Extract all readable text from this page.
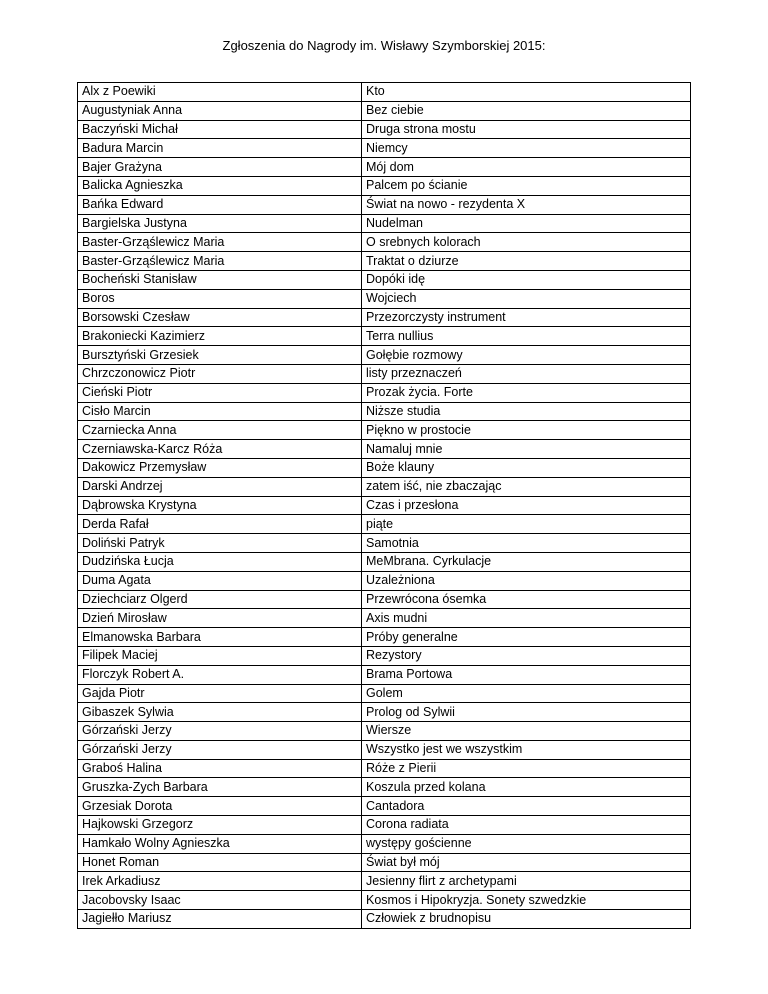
Zgłoszenia do Nagrody im. Wisławy Szymborskiej 2015:
Alx z Poewiki	Kto
Augustyniak Anna	Bez ciebie
Baczyński Michał	Druga strona mostu
Badura Marcin	Niemcy
Bajer Grażyna	Mój dom
Balicka Agnieszka	Palcem po ścianie
Bańka Edward	Świat na nowo - rezydenta X
Bargielska Justyna	Nudelman
Baster-Grząślewicz Maria	O srebnych kolorach
Baster-Grząślewicz Maria	Traktat o dziurze
Bocheński Stanisław	Dopóki idę
Boros	Wojciech
Borsowski Czesław	Przezorczysty instrument
Brakoniecki Kazimierz	Terra nullius
Bursztyński Grzesiek	Gołębie rozmowy
Chrzczonowicz Piotr	listy przeznaczeń
Cieński Piotr	Prozak życia. Forte
Cisło Marcin	Niższe studia
Czarniecka Anna	Piękno w prostocie
Czerniawska-Karcz Róża	Namaluj mnie
Dakowicz Przemysław	Boże klauny
Darski Andrzej	zatem iść, nie zbaczając
Dąbrowska Krystyna	Czas i przesłona
Derda Rafał	piąte
Doliński Patryk	Samotnia
Dudzińska Łucja	MeMbrana. Cyrkulacje
Duma Agata	Uzależniona
Dziechciarz Olgerd	Przewrócona ósemka
Dzień Mirosław	Axis mudni
Elmanowska Barbara	Próby generalne
Filipek Maciej	Rezystory
Florczyk Robert A.	Brama Portowa
Gajda Piotr	Golem
Gibaszek Sylwia	Prolog od Sylwii
Górzański Jerzy	Wiersze
Górzański Jerzy	Wszystko jest we wszystkim
Graboś Halina	Róże z Pierii
Gruszka-Zych Barbara	Koszula przed kolana
Grzesiak Dorota	Cantadora
Hajkowski Grzegorz	Corona radiata
Hamkało Wolny Agnieszka	występy gościenne
Honet Roman	Świat był mój
Irek Arkadiusz	Jesienny flirt z archetypami
Jacobovsky Isaac	Kosmos i Hipokryzja. Sonety szwedzkie
Jagiełło Mariusz	Człowiek z brudnopisu
